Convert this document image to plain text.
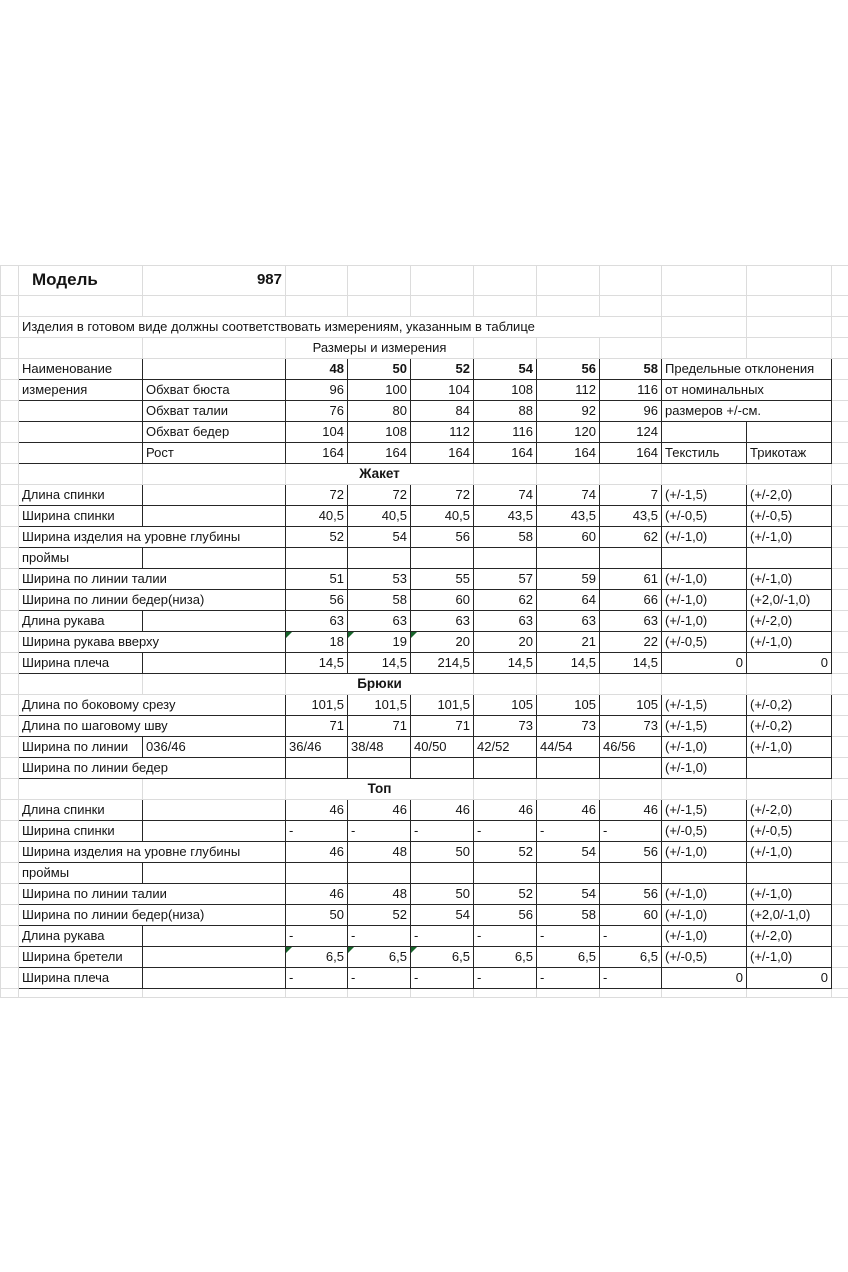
	Модель	987									

	Изделия в готовом виде должны соответствовать измерениям, указанным в таблице										
			Размеры и измерения								
	Наименование		48	50	52	54	56	58	Предельные отклонения		
	измерения	Обхват бюста	96	100	104	108	112	116	от номинальных		
		Обхват талии	76	80	84	88	92	96	размеров +/-см.		
		Обхват бедер	104	108	112	116	120	124			
		Рост	164	164	164	164	164	164	Текстиль	Трикотаж	
			Жакет								
	Длина спинки		72	72	72	74	74	7	(+/-1,5)	(+/-2,0)	
	Ширина спинки		40,5	40,5	40,5	43,5	43,5	43,5	(+/-0,5)	(+/-0,5)	
	Ширина изделия на уровне глубины		52	54	56	58	60	62	(+/-1,0)	(+/-1,0)	
	проймы										
	Ширина по линии талии		51	53	55	57	59	61	(+/-1,0)	(+/-1,0)	
	Ширина по линии бедер(низа)		56	58	60	62	64	66	(+/-1,0)	(+2,0/-1,0)	
	Длина рукава		63	63	63	63	63	63	(+/-1,0)	(+/-2,0)	
	Ширина рукава вверху		18	19	20	20	21	22	(+/-0,5)	(+/-1,0)	
	Ширина плеча		14,5	14,5	214,5	14,5	14,5	14,5	0	0	
			Брюки								
	Длина по боковому срезу		101,5	101,5	101,5	105	105	105	(+/-1,5)	(+/-0,2)	
	Длина по шаговому шву		71	71	71	73	73	73	(+/-1,5)	(+/-0,2)	
	Ширина по линии	036/46	36/46	38/48	40/50	42/52	44/54	46/56	(+/-1,0)	(+/-1,0)	
	Ширина по линии бедер								(+/-1,0)		
			Топ								
	Длина спинки		46	46	46	46	46	46	(+/-1,5)	(+/-2,0)	
	Ширина спинки		-	-	-	-	-	-	(+/-0,5)	(+/-0,5)	
	Ширина изделия на уровне глубины		46	48	50	52	54	56	(+/-1,0)	(+/-1,0)	
	проймы										
	Ширина по линии талии		46	48	50	52	54	56	(+/-1,0)	(+/-1,0)	
	Ширина по линии бедер(низа)		50	52	54	56	58	60	(+/-1,0)	(+2,0/-1,0)	
	Длина рукава		-	-	-	-	-	-	(+/-1,0)	(+/-2,0)	
	Ширина бретели		6,5	6,5	6,5	6,5	6,5	6,5	(+/-0,5)	(+/-1,0)	
	Ширина плеча		-	-	-	-	-	-	0	0	
